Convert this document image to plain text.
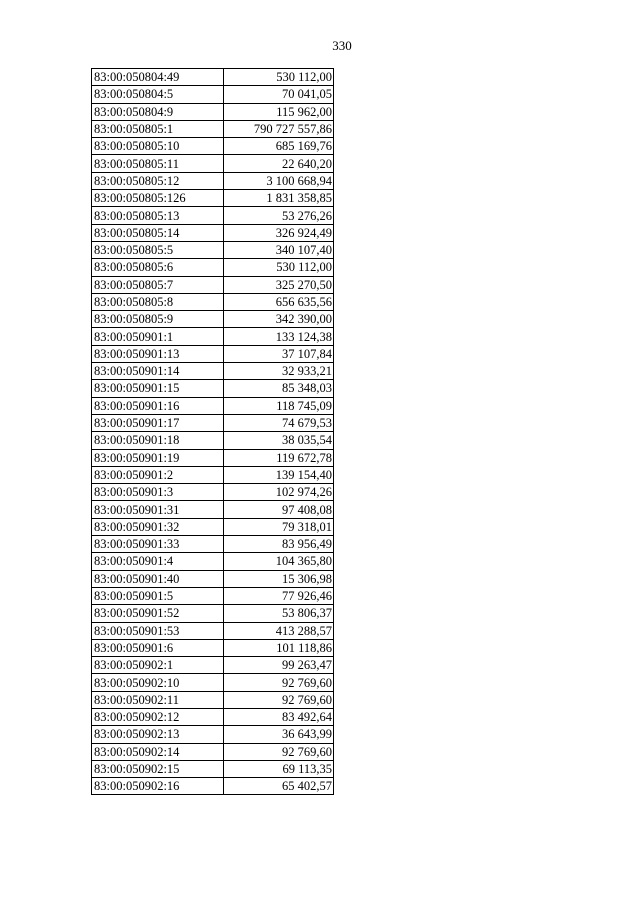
330
83:00:050804:49	530 112,00
83:00:050804:5	70 041,05
83:00:050804:9	115 962,00
83:00:050805:1	790 727 557,86
83:00:050805:10	685 169,76
83:00:050805:11	22 640,20
83:00:050805:12	3 100 668,94
83:00:050805:126	1 831 358,85
83:00:050805:13	53 276,26
83:00:050805:14	326 924,49
83:00:050805:5	340 107,40
83:00:050805:6	530 112,00
83:00:050805:7	325 270,50
83:00:050805:8	656 635,56
83:00:050805:9	342 390,00
83:00:050901:1	133 124,38
83:00:050901:13	37 107,84
83:00:050901:14	32 933,21
83:00:050901:15	85 348,03
83:00:050901:16	118 745,09
83:00:050901:17	74 679,53
83:00:050901:18	38 035,54
83:00:050901:19	119 672,78
83:00:050901:2	139 154,40
83:00:050901:3	102 974,26
83:00:050901:31	97 408,08
83:00:050901:32	79 318,01
83:00:050901:33	83 956,49
83:00:050901:4	104 365,80
83:00:050901:40	15 306,98
83:00:050901:5	77 926,46
83:00:050901:52	53 806,37
83:00:050901:53	413 288,57
83:00:050901:6	101 118,86
83:00:050902:1	99 263,47
83:00:050902:10	92 769,60
83:00:050902:11	92 769,60
83:00:050902:12	83 492,64
83:00:050902:13	36 643,99
83:00:050902:14	92 769,60
83:00:050902:15	69 113,35
83:00:050902:16	65 402,57
